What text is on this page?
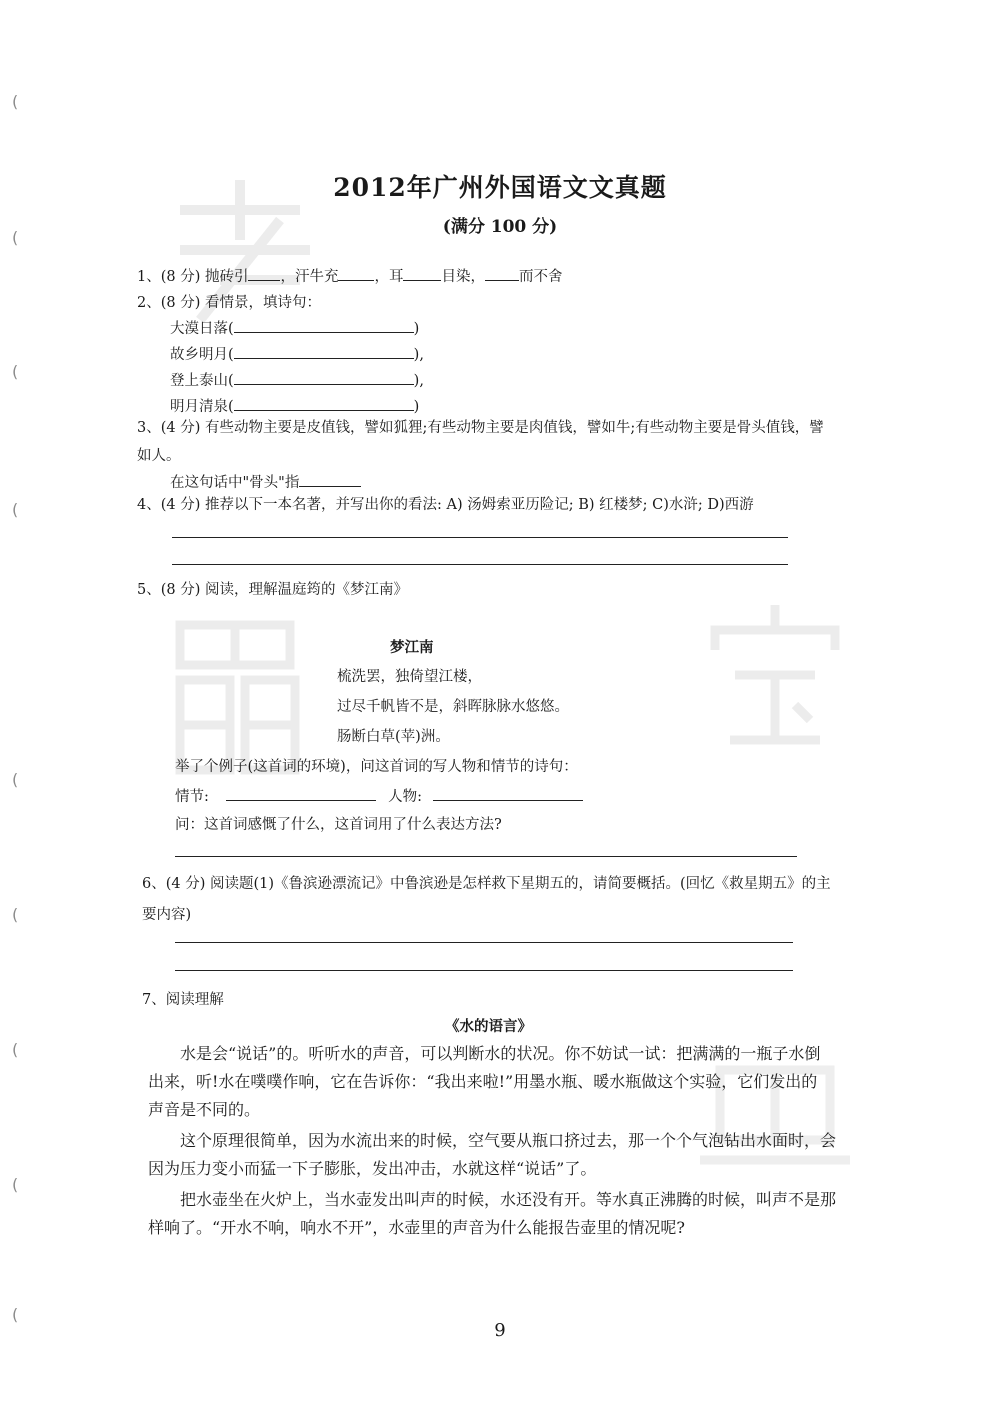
(
(
(
(
(
(
(
(
(
2012年广州外国语文文真题
(满分 100 分)
1、(8 分) 抛砖引 ，汗牛充 ，耳	目染， 而不舍
2、(8 分) 看情景，填诗句：
大漠日落(	)
故乡明月(	),
登上泰山(	),
明月清泉(	)
3、(4 分) 有些动物主要是皮值钱，譬如狐狸;有些动物主要是肉值钱，譬如牛;有些动物主要是骨头值钱，譬
如人。
在这句话中"骨头"指
4、(4 分) 推荐以下一本名著，并写出你的看法: A) 汤姆索亚历险记; B) 红楼梦; C)水浒; D)西游
5、(8 分) 阅读，理解温庭筠的《梦江南》
梦江南
梳洗罢，独倚望江楼，
过尽千帆皆不是，斜晖脉脉水悠悠。
肠断白草(苹)洲。
举了个例子(这首词的环境)，问这首词的写人物和情节的诗句：
情节:	人物:
问：这首词感慨了什么，这首词用了什么表达方法?
6、(4 分) 阅读题(1)《鲁滨逊漂流记》中鲁滨逊是怎样救下星期五的，请简要概括。(回忆《救星期五》的主
要内容)
7、阅读理解
《水的语言》
水是会“说话”的。听听水的声音，可以判断水的状况。你不妨试一试：把满满的一瓶子水倒
出来，听!水在噗噗作响，它在告诉你：“我出来啦!”用墨水瓶、暖水瓶做这个实验，它们发出的
声音是不同的。
这个原理很简单，因为水流出来的时候，空气要从瓶口挤过去，那一个个气泡钻出水面时，会
因为压力变小而猛一下子膨胀，发出冲击，水就这样“说话”了。
把水壶坐在火炉上，当水壶发出叫声的时候，水还没有开。等水真正沸腾的时候，叫声不是那
样响了。“开水不响，响水不开”，水壶里的声音为什么能报告壶里的情况呢?
9
